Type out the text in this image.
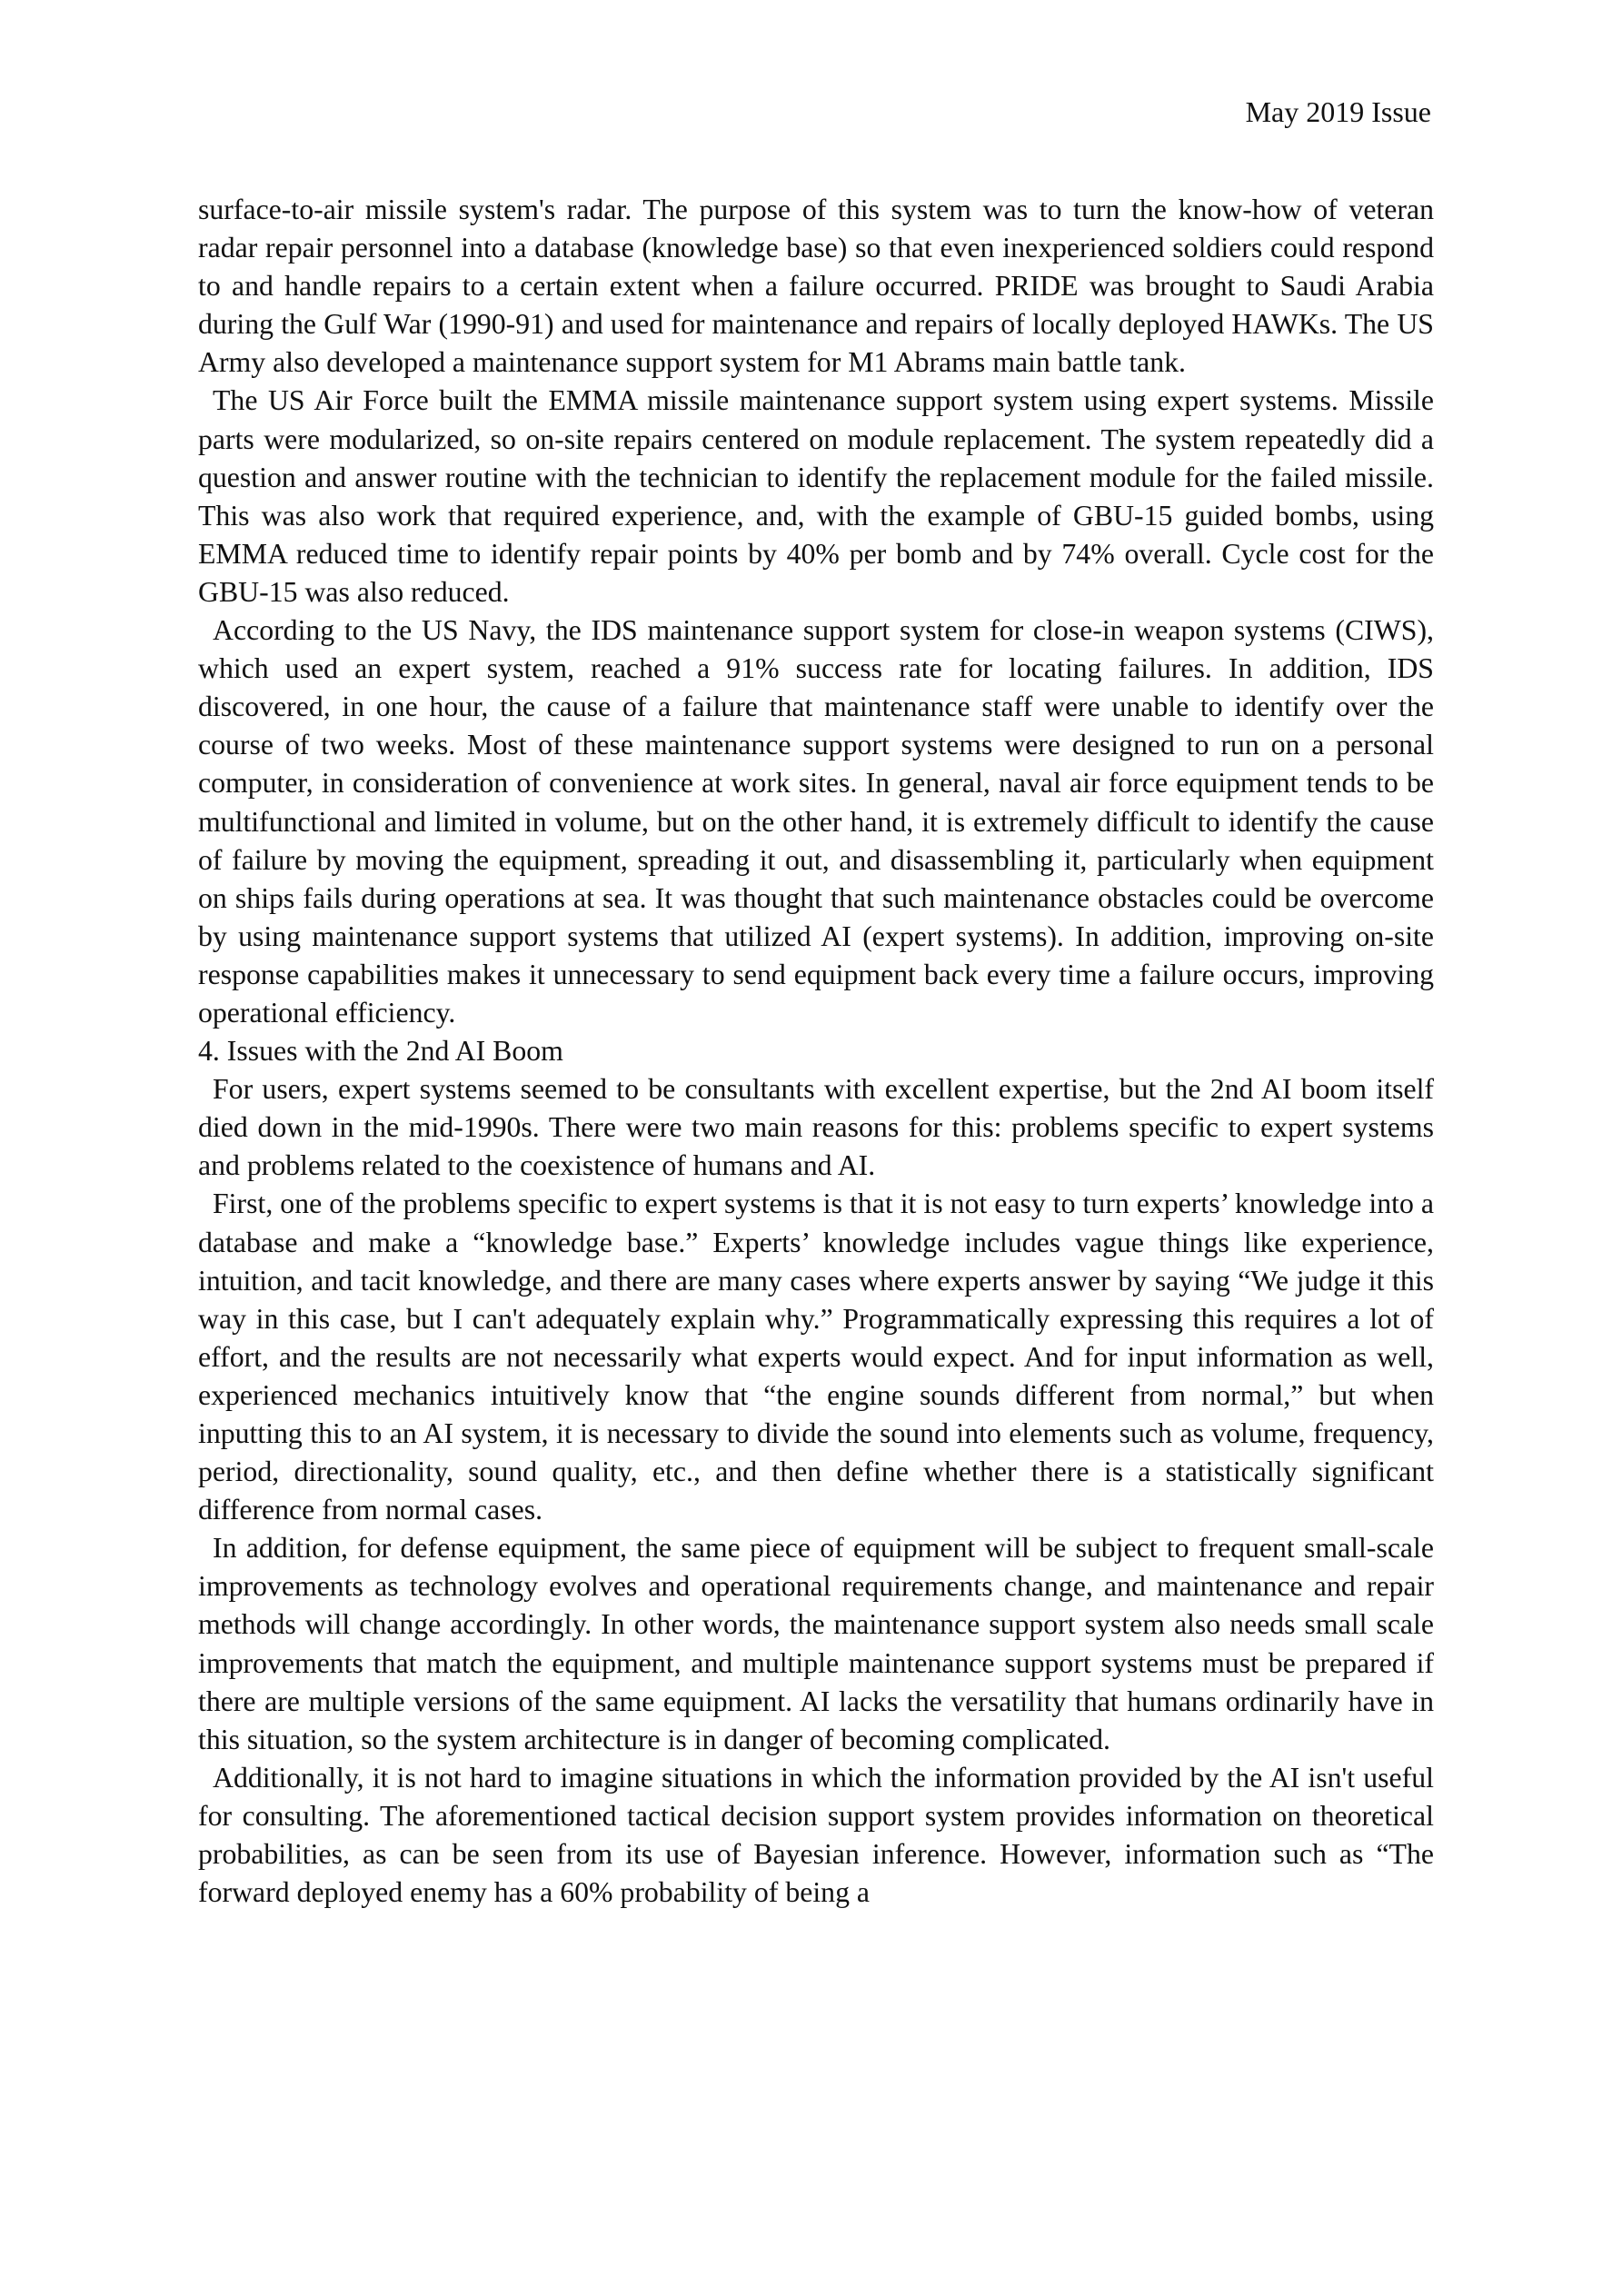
May 2019 Issue

surface-to-air missile system's radar. The purpose of this system was to turn the know-how of veteran radar repair personnel into a database (knowledge base) so that even inexperienced soldiers could respond to and handle repairs to a certain extent when a failure occurred. PRIDE was brought to Saudi Arabia during the Gulf War (1990-91) and used for maintenance and repairs of locally deployed HAWKs. The US Army also developed a maintenance support system for M1 Abrams main battle tank.

The US Air Force built the EMMA missile maintenance support system using expert systems. Missile parts were modularized, so on-site repairs centered on module replacement. The system repeatedly did a question and answer routine with the technician to identify the replacement module for the failed missile. This was also work that required experience, and, with the example of GBU-15 guided bombs, using EMMA reduced time to identify repair points by 40% per bomb and by 74% overall. Cycle cost for the GBU-15 was also reduced.

According to the US Navy, the IDS maintenance support system for close-in weapon systems (CIWS), which used an expert system, reached a 91% success rate for locating failures. In addition, IDS discovered, in one hour, the cause of a failure that maintenance staff were unable to identify over the course of two weeks. Most of these maintenance support systems were designed to run on a personal computer, in consideration of convenience at work sites. In general, naval air force equipment tends to be multifunctional and limited in volume, but on the other hand, it is extremely difficult to identify the cause of failure by moving the equipment, spreading it out, and disassembling it, particularly when equipment on ships fails during operations at sea. It was thought that such maintenance obstacles could be overcome by using maintenance support systems that utilized AI (expert systems). In addition, improving on-site response capabilities makes it unnecessary to send equipment back every time a failure occurs, improving operational efficiency.

4. Issues with the 2nd AI Boom

For users, expert systems seemed to be consultants with excellent expertise, but the 2nd AI boom itself died down in the mid-1990s. There were two main reasons for this: problems specific to expert systems and problems related to the coexistence of humans and AI.

First, one of the problems specific to expert systems is that it is not easy to turn experts’ knowledge into a database and make a “knowledge base.” Experts’ knowledge includes vague things like experience, intuition, and tacit knowledge, and there are many cases where experts answer by saying “We judge it this way in this case, but I can't adequately explain why.” Programmatically expressing this requires a lot of effort, and the results are not necessarily what experts would expect. And for input information as well, experienced mechanics intuitively know that “the engine sounds different from normal,” but when inputting this to an AI system, it is necessary to divide the sound into elements such as volume, frequency, period, directionality, sound quality, etc., and then define whether there is a statistically significant difference from normal cases.

In addition, for defense equipment, the same piece of equipment will be subject to frequent small-scale improvements as technology evolves and operational requirements change, and maintenance and repair methods will change accordingly. In other words, the maintenance support system also needs small scale improvements that match the equipment, and multiple maintenance support systems must be prepared if there are multiple versions of the same equipment. AI lacks the versatility that humans ordinarily have in this situation, so the system architecture is in danger of becoming complicated.

Additionally, it is not hard to imagine situations in which the information provided by the AI isn't useful for consulting. The aforementioned tactical decision support system provides information on theoretical probabilities, as can be seen from its use of Bayesian inference. However, information such as “The forward deployed enemy has a 60% probability of being a
